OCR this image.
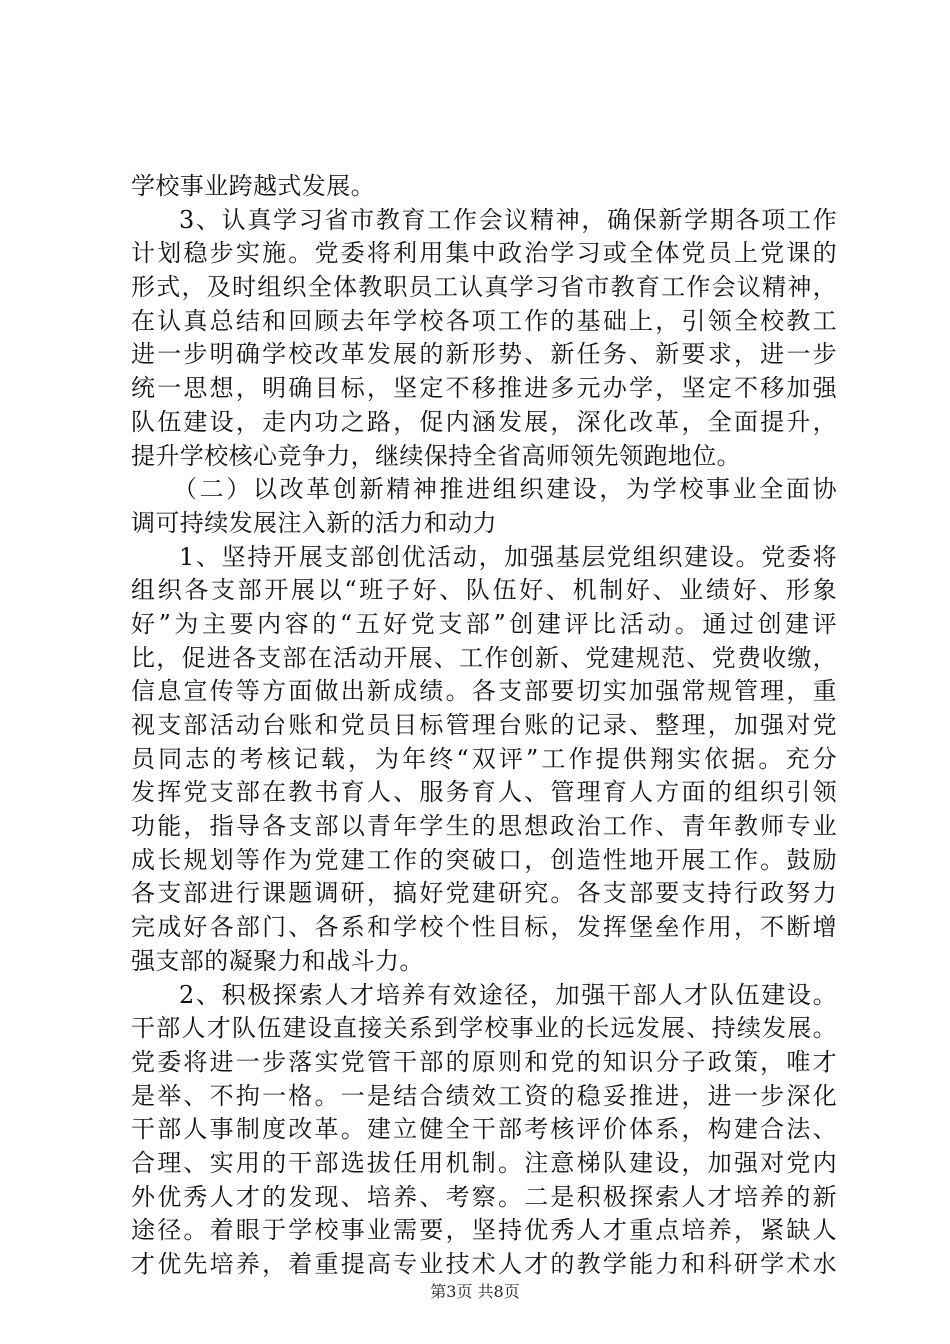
学校事业跨越式发展。
3、认真学习省市教育工作会议精神，确保新学期各项工作
计划稳步实施。党委将利用集中政治学习或全体党员上党课的
形式，及时组织全体教职员工认真学习省市教育工作会议精神，
在认真总结和回顾去年学校各项工作的基础上，引领全校教工
进一步明确学校改革发展的新形势、新任务、新要求，进一步
统一思想，明确目标，坚定不移推进多元办学，坚定不移加强
队伍建设，走内功之路，促内涵发展，深化改革，全面提升，
提升学校核心竞争力，继续保持全省高师领先领跑地位。
（二）以改革创新精神推进组织建设，为学校事业全面协
调可持续发展注入新的活力和动力
1、坚持开展支部创优活动，加强基层党组织建设。党委将
组织各支部开展以“班子好、队伍好、机制好、业绩好、形象
好”为主要内容的“五好党支部”创建评比活动。通过创建评
比，促进各支部在活动开展、工作创新、党建规范、党费收缴，
信息宣传等方面做出新成绩。各支部要切实加强常规管理，重
视支部活动台账和党员目标管理台账的记录、整理，加强对党
员同志的考核记载，为年终“双评”工作提供翔实依据。充分
发挥党支部在教书育人、服务育人、管理育人方面的组织引领
功能，指导各支部以青年学生的思想政治工作、青年教师专业
成长规划等作为党建工作的突破口，创造性地开展工作。鼓励
各支部进行课题调研，搞好党建研究。各支部要支持行政努力
完成好各部门、各系和学校个性目标，发挥堡垒作用，不断增
强支部的凝聚力和战斗力。
2、积极探索人才培养有效途径，加强干部人才队伍建设。
干部人才队伍建设直接关系到学校事业的长远发展、持续发展。
党委将进一步落实党管干部的原则和党的知识分子政策，唯才
是举、不拘一格。一是结合绩效工资的稳妥推进，进一步深化
干部人事制度改革。建立健全干部考核评价体系，构建合法、
合理、实用的干部选拔任用机制。注意梯队建设，加强对党内
外优秀人才的发现、培养、考察。二是积极探索人才培养的新
途径。着眼于学校事业需要，坚持优秀人才重点培养，紧缺人
才优先培养，着重提高专业技术人才的教学能力和科研学术水
第3页 共8页
